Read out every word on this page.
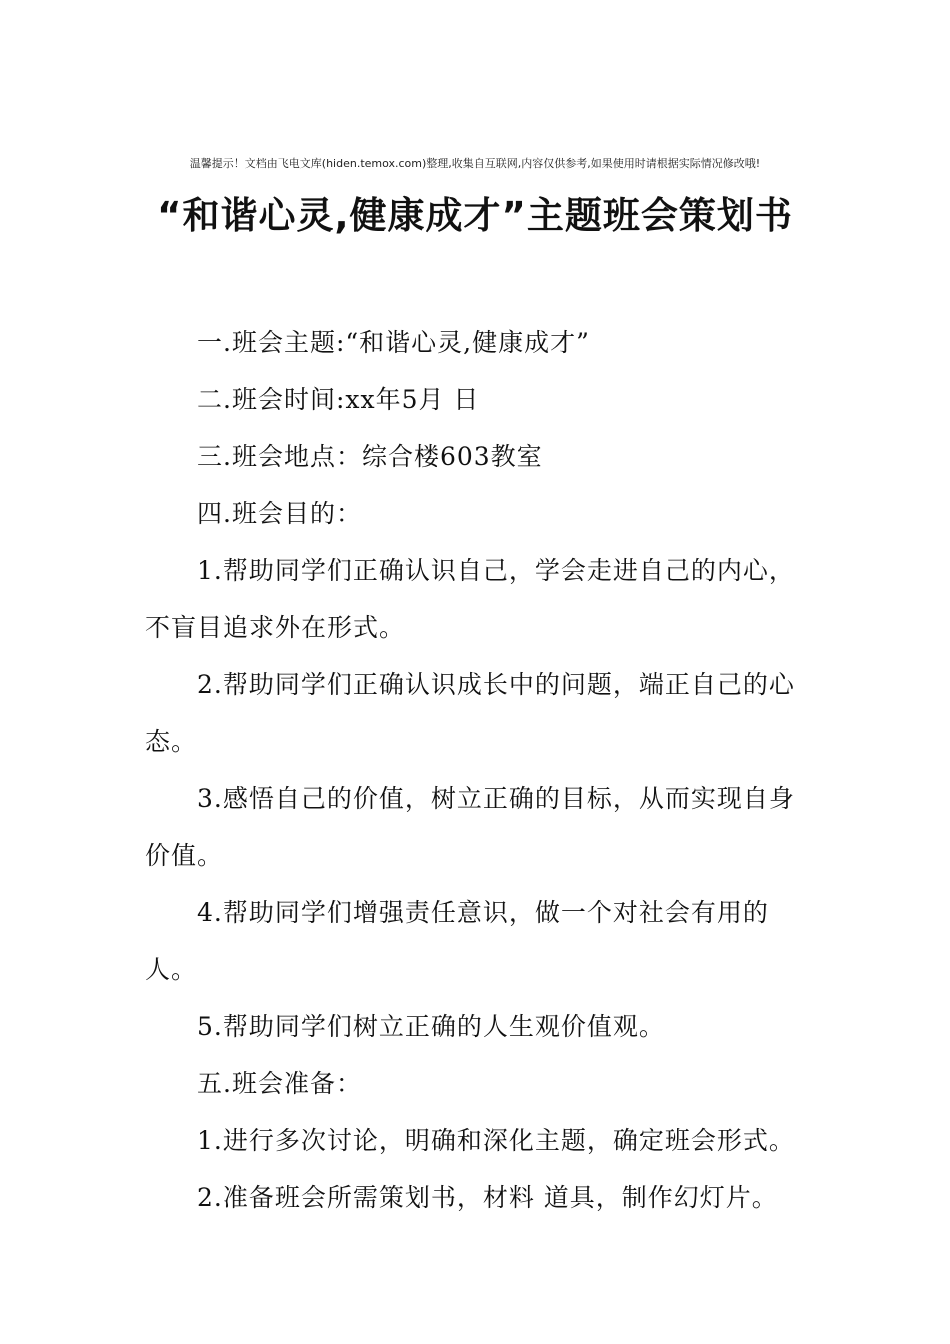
温馨提示！文档由飞电文库(hiden.temox.com)整理,收集自互联网,内容仅供参考,如果使用时请根据实际情况修改哦!
“和谐心灵,健康成才”主题班会策划书

一.班会主题:“和谐心灵,健康成才”

二.班会时间:xx年5月 日

三.班会地点：综合楼603教室

四.班会目的：

1.帮助同学们正确认识自己，学会走进自己的内心，不盲目追求外在形式。

2.帮助同学们正确认识成长中的问题，端正自己的心态。

3.感悟自己的价值，树立正确的目标，从而实现自身价值。

4.帮助同学们增强责任意识，做一个对社会有用的人。

5.帮助同学们树立正确的人生观价值观。

五.班会准备：

1.进行多次讨论，明确和深化主题，确定班会形式。

2.准备班会所需策划书，材料 道具，制作幻灯片。
